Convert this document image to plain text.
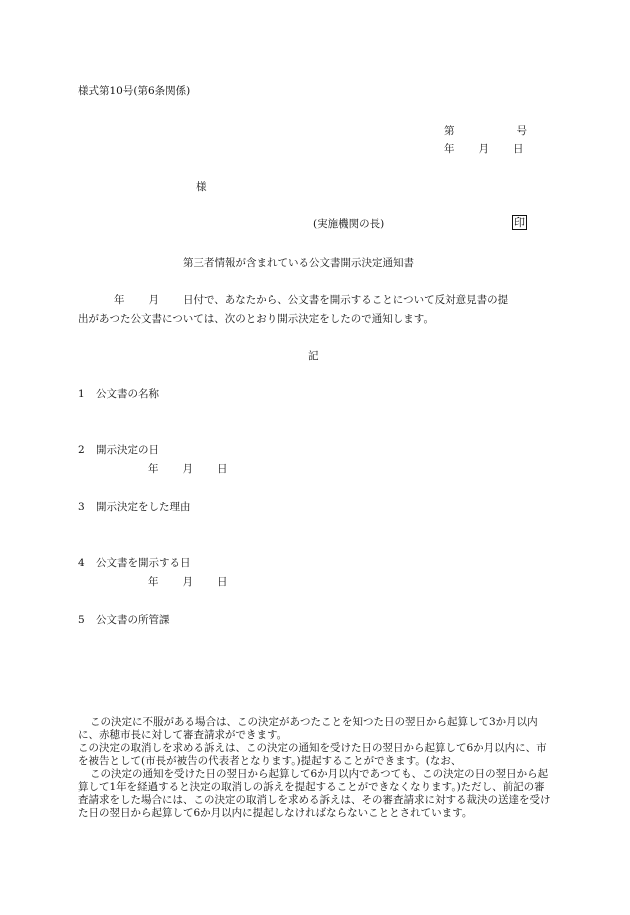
様式第10号(第6条関係)
第	号
年 月 日
様
(実施機関の長)	印
第三者情報が含まれている公文書開示決定通知書
年 月 日付で、あなたから、公文書を開示することについて反対意見書の提
出があつた公文書については、次のとおり開示決定をしたので通知します。
記
1 公文書の名称
2 開示決定の日
年 月 日
3 開示決定をした理由
4 公文書を開示する日
年 月 日
5 公文書の所管課

この決定に不服がある場合は、この決定があつたことを知つた日の翌日から起算して3か月以内に、赤穂市長に対して審査請求ができます。

この決定の取消しを求める訴えは、この決定の通知を受けた日の翌日から起算して6か月以内に、市を被告として(市長が被告の代表者となります。)提起することができます。(なお、

この決定の通知を受けた日の翌日から起算して6か月以内であつても、この決定の日の翌日から起算して1年を経過すると決定の取消しの訴えを提起することができなくなります。)ただし、前記の審査請求をした場合には、この決定の取消しを求める訴えは、その審査請求に対する裁決の送達を受けた日の翌日から起算して6か月以内に提起しなければならないこととされています。
